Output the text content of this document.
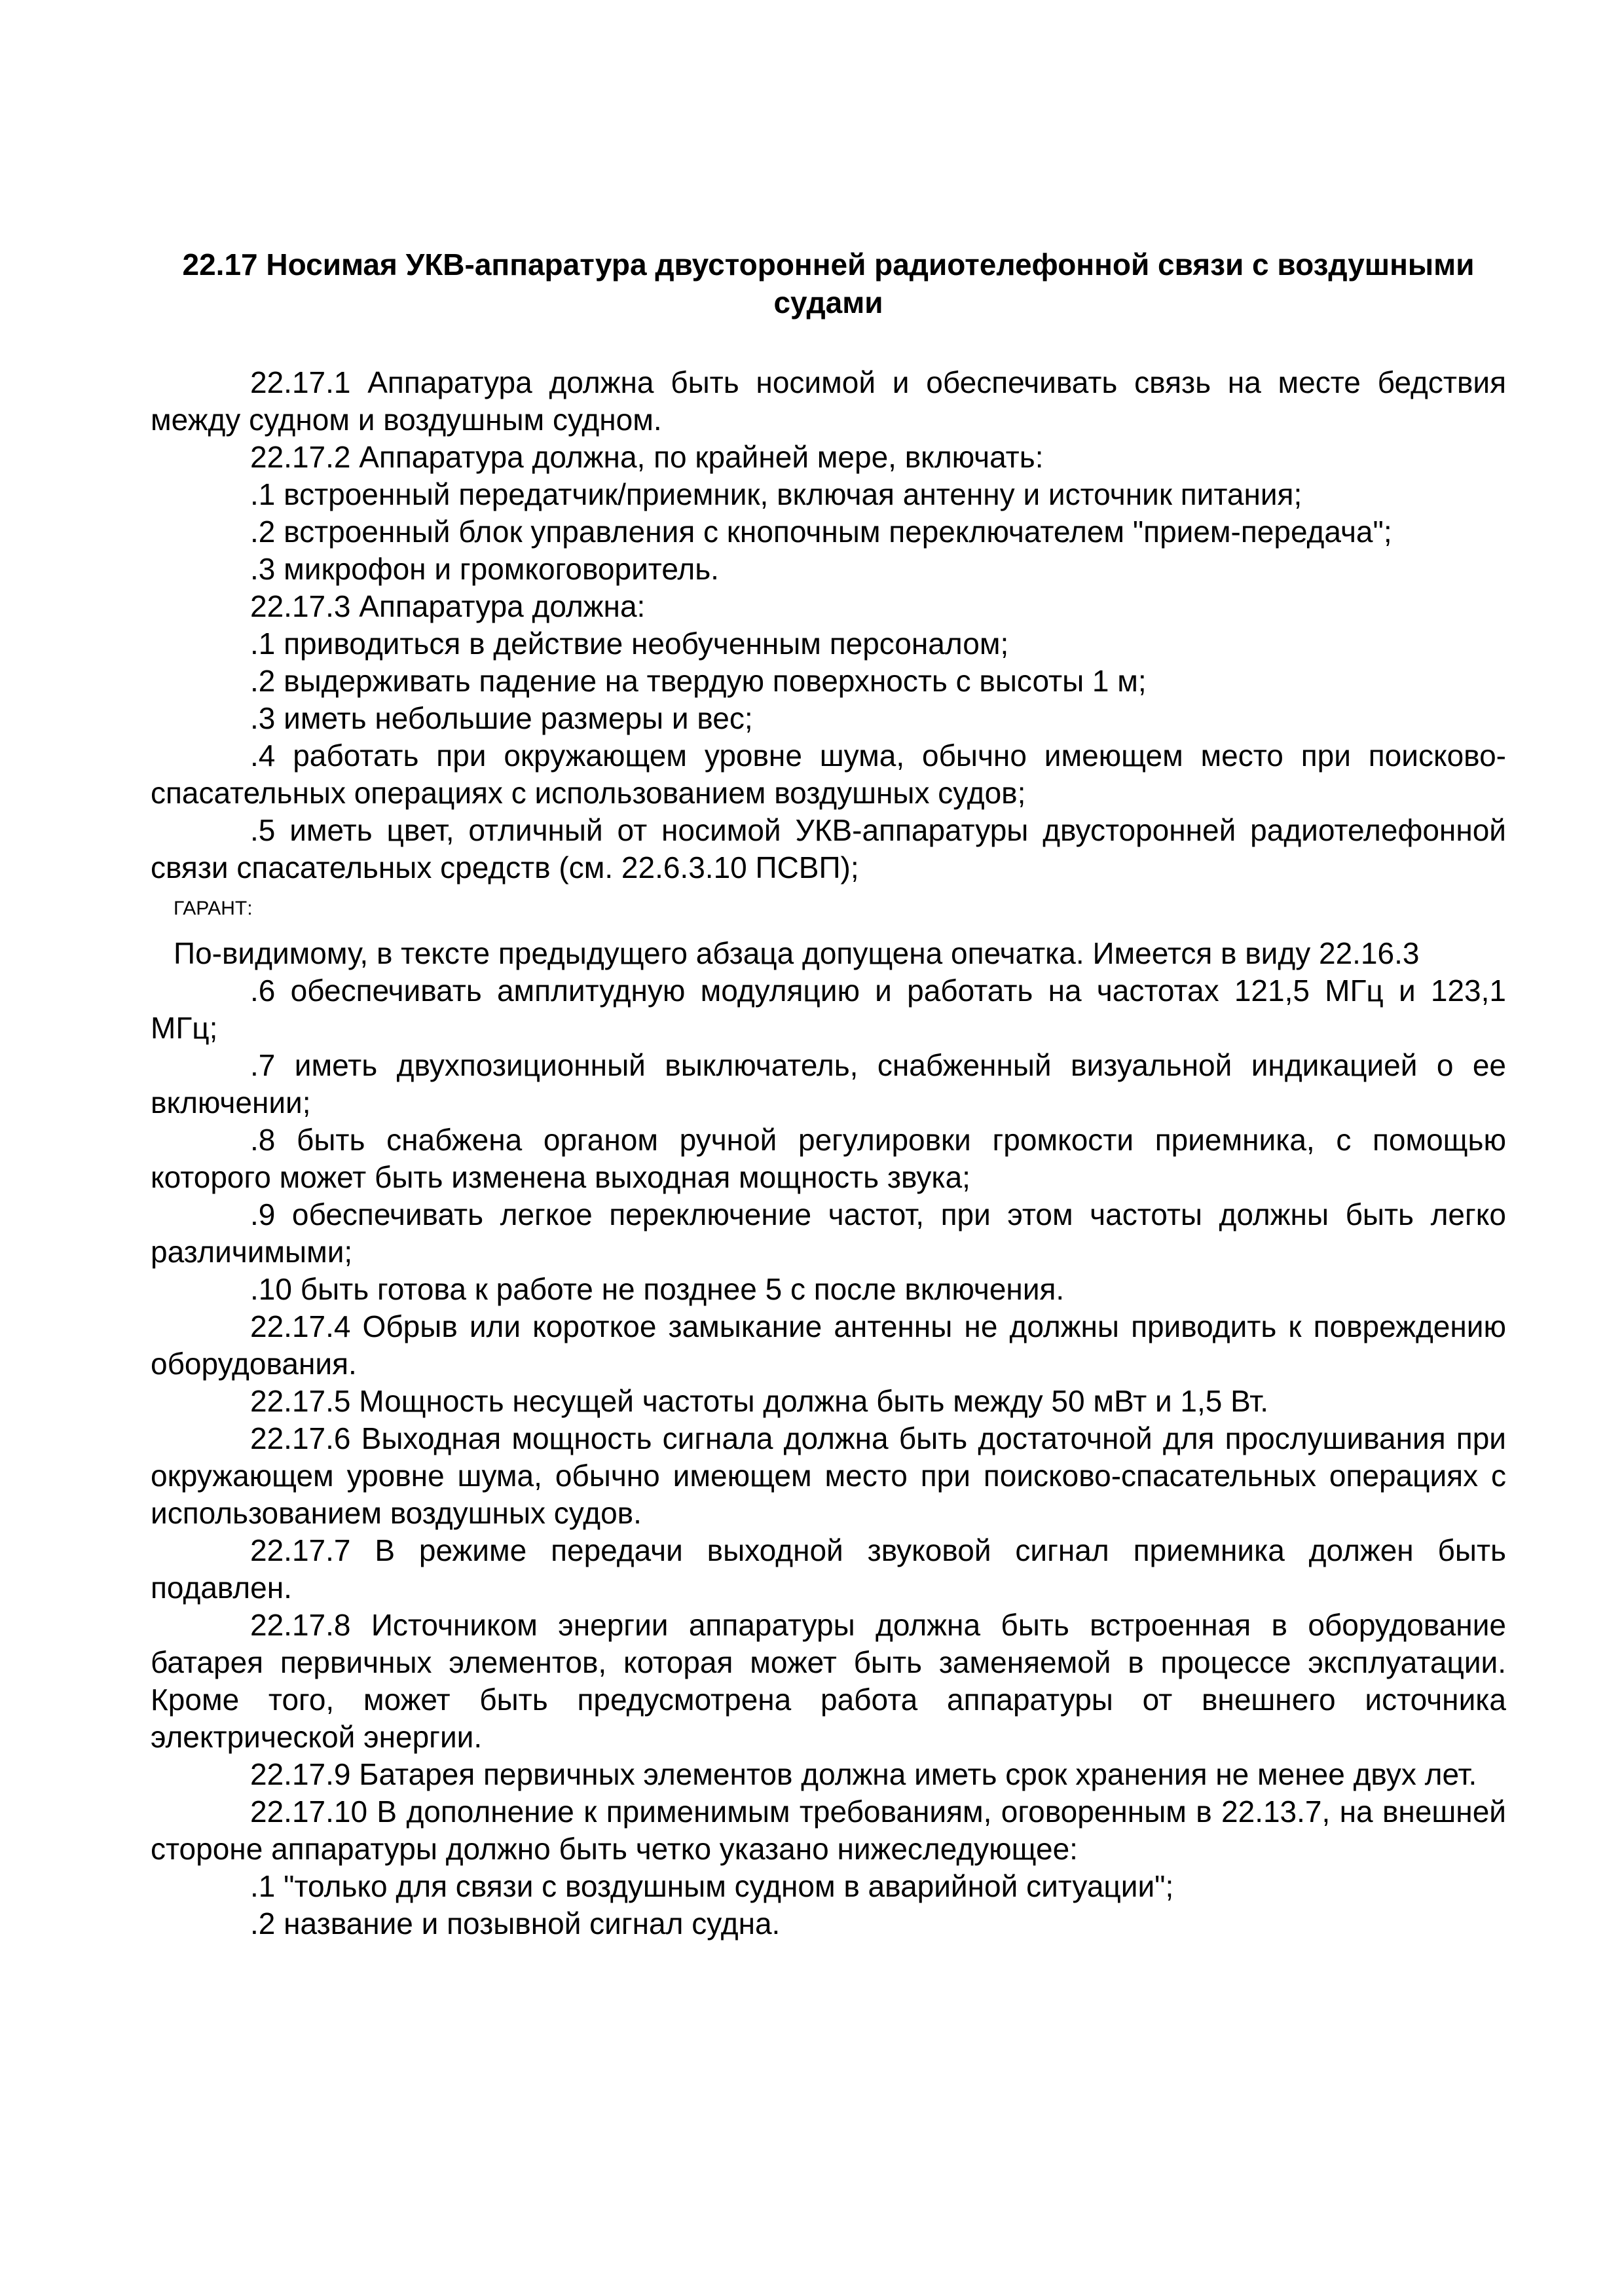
22.17 Носимая УКВ-аппаратура двусторонней радиотелефонной связи с воздушными судами

22.17.1 Аппаратура должна быть носимой и обеспечивать связь на месте бедствия между судном и воздушным судном.

22.17.2 Аппаратура должна, по крайней мере, включать:

.1 встроенный передатчик/приемник, включая антенну и источник питания;

.2 встроенный блок управления с кнопочным переключателем "прием-передача";

.3 микрофон и громкоговоритель.

22.17.3 Аппаратура должна:

.1 приводиться в действие необученным персоналом;

.2 выдерживать падение на твердую поверхность с высоты 1 м;

.3 иметь небольшие размеры и вес;

.4 работать при окружающем уровне шума, обычно имеющем место при поисково-спасательных операциях с использованием воздушных судов;

.5 иметь цвет, отличный от носимой УКВ-аппаратуры двусторонней радиотелефонной связи спасательных средств (см. 22.6.3.10 ПСВП);

ГАРАНТ:
По-видимому, в тексте предыдущего абзаца допущена опечатка. Имеется в виду 22.16.3

.6 обеспечивать амплитудную модуляцию и работать на частотах 121,5 МГц и 123,1 МГц;

.7 иметь двухпозиционный выключатель, снабженный визуальной индикацией о ее включении;

.8 быть снабжена органом ручной регулировки громкости приемника, с помощью которого может быть изменена выходная мощность звука;

.9 обеспечивать легкое переключение частот, при этом частоты должны быть легко различимыми;

.10 быть готова к работе не позднее 5 с после включения.

22.17.4 Обрыв или короткое замыкание антенны не должны приводить к повреждению оборудования.

22.17.5 Мощность несущей частоты должна быть между 50 мВт и 1,5 Вт.

22.17.6 Выходная мощность сигнала должна быть достаточной для прослушивания при окружающем уровне шума, обычно имеющем место при поисково-спасательных операциях с использованием воздушных судов.

22.17.7 В режиме передачи выходной звуковой сигнал приемника должен быть подавлен.

22.17.8 Источником энергии аппаратуры должна быть встроенная в оборудование батарея первичных элементов, которая может быть заменяемой в процессе эксплуатации. Кроме того, может быть предусмотрена работа аппаратуры от внешнего источника электрической энергии.

22.17.9 Батарея первичных элементов должна иметь срок хранения не менее двух лет.

22.17.10 В дополнение к применимым требованиям, оговоренным в 22.13.7, на внешней стороне аппаратуры должно быть четко указано нижеследующее:

.1 "только для связи с воздушным судном в аварийной ситуации";

.2 название и позывной сигнал судна.
